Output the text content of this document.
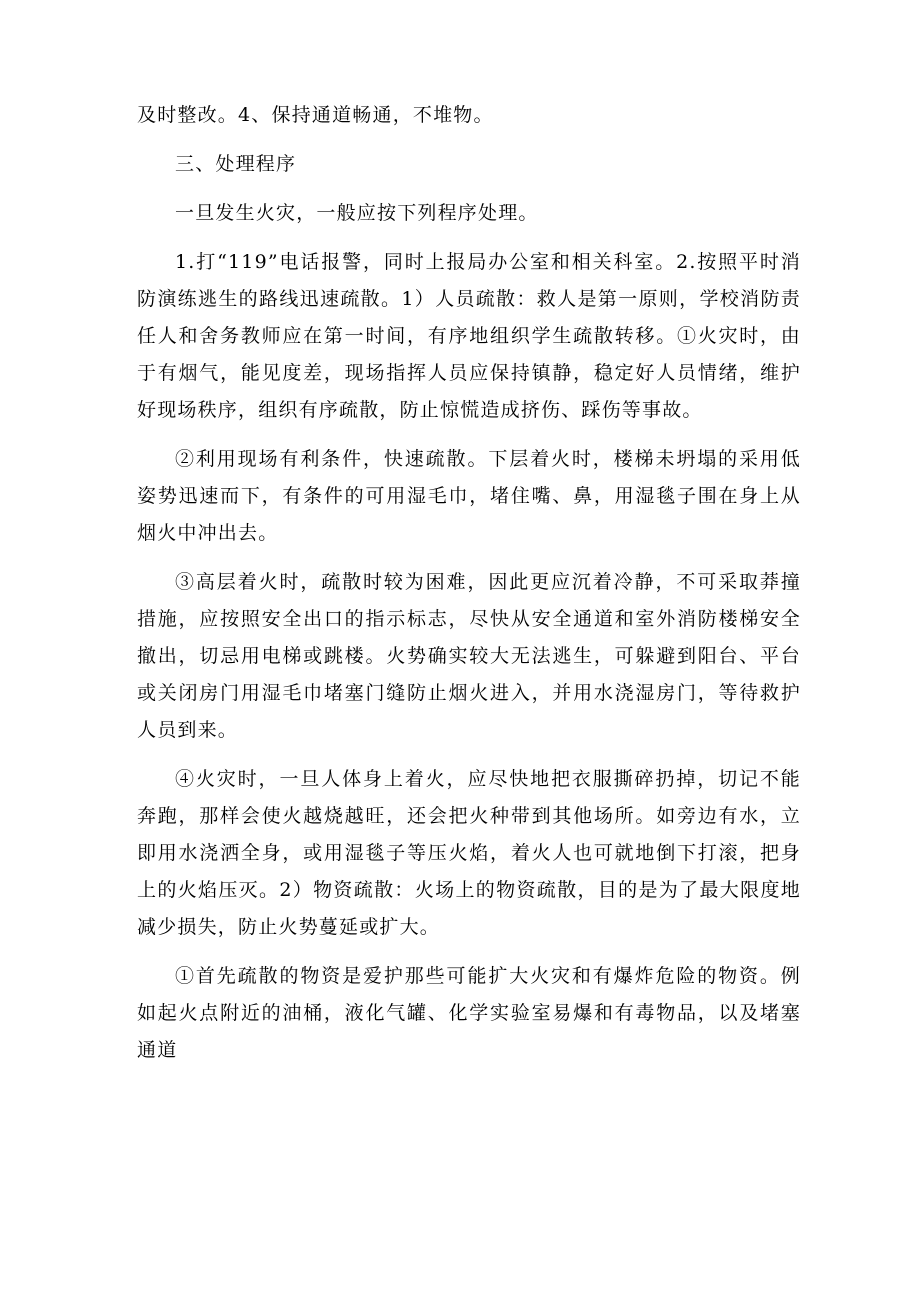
及时整改。4、保持通道畅通，不堆物。

三、处理程序

一旦发生火灾，一般应按下列程序处理。

1.打“119”电话报警，同时上报局办公室和相关科室。2.按照平时消防演练逃生的路线迅速疏散。1）人员疏散：救人是第一原则，学校消防责任人和舍务教师应在第一时间，有序地组织学生疏散转移。①火灾时，由于有烟气，能见度差，现场指挥人员应保持镇静，稳定好人员情绪，维护好现场秩序，组织有序疏散，防止惊慌造成挤伤、踩伤等事故。

②利用现场有利条件，快速疏散。下层着火时，楼梯未坍塌的采用低姿势迅速而下，有条件的可用湿毛巾，堵住嘴、鼻，用湿毯子围在身上从烟火中冲出去。

③高层着火时，疏散时较为困难，因此更应沉着冷静，不可采取莽撞措施，应按照安全出口的指示标志，尽快从安全通道和室外消防楼梯安全撤出，切忌用电梯或跳楼。火势确实较大无法逃生，可躲避到阳台、平台或关闭房门用湿毛巾堵塞门缝防止烟火进入，并用水浇湿房门，等待救护人员到来。

④火灾时，一旦人体身上着火，应尽快地把衣服撕碎扔掉，切记不能奔跑，那样会使火越烧越旺，还会把火种带到其他场所。如旁边有水，立即用水浇洒全身，或用湿毯子等压火焰，着火人也可就地倒下打滚，把身上的火焰压灭。2）物资疏散：火场上的物资疏散，目的是为了最大限度地减少损失，防止火势蔓延或扩大。

①首先疏散的物资是爱护那些可能扩大火灾和有爆炸危险的物资。例如起火点附近的油桶，液化气罐、化学实验室易爆和有毒物品，以及堵塞通道
